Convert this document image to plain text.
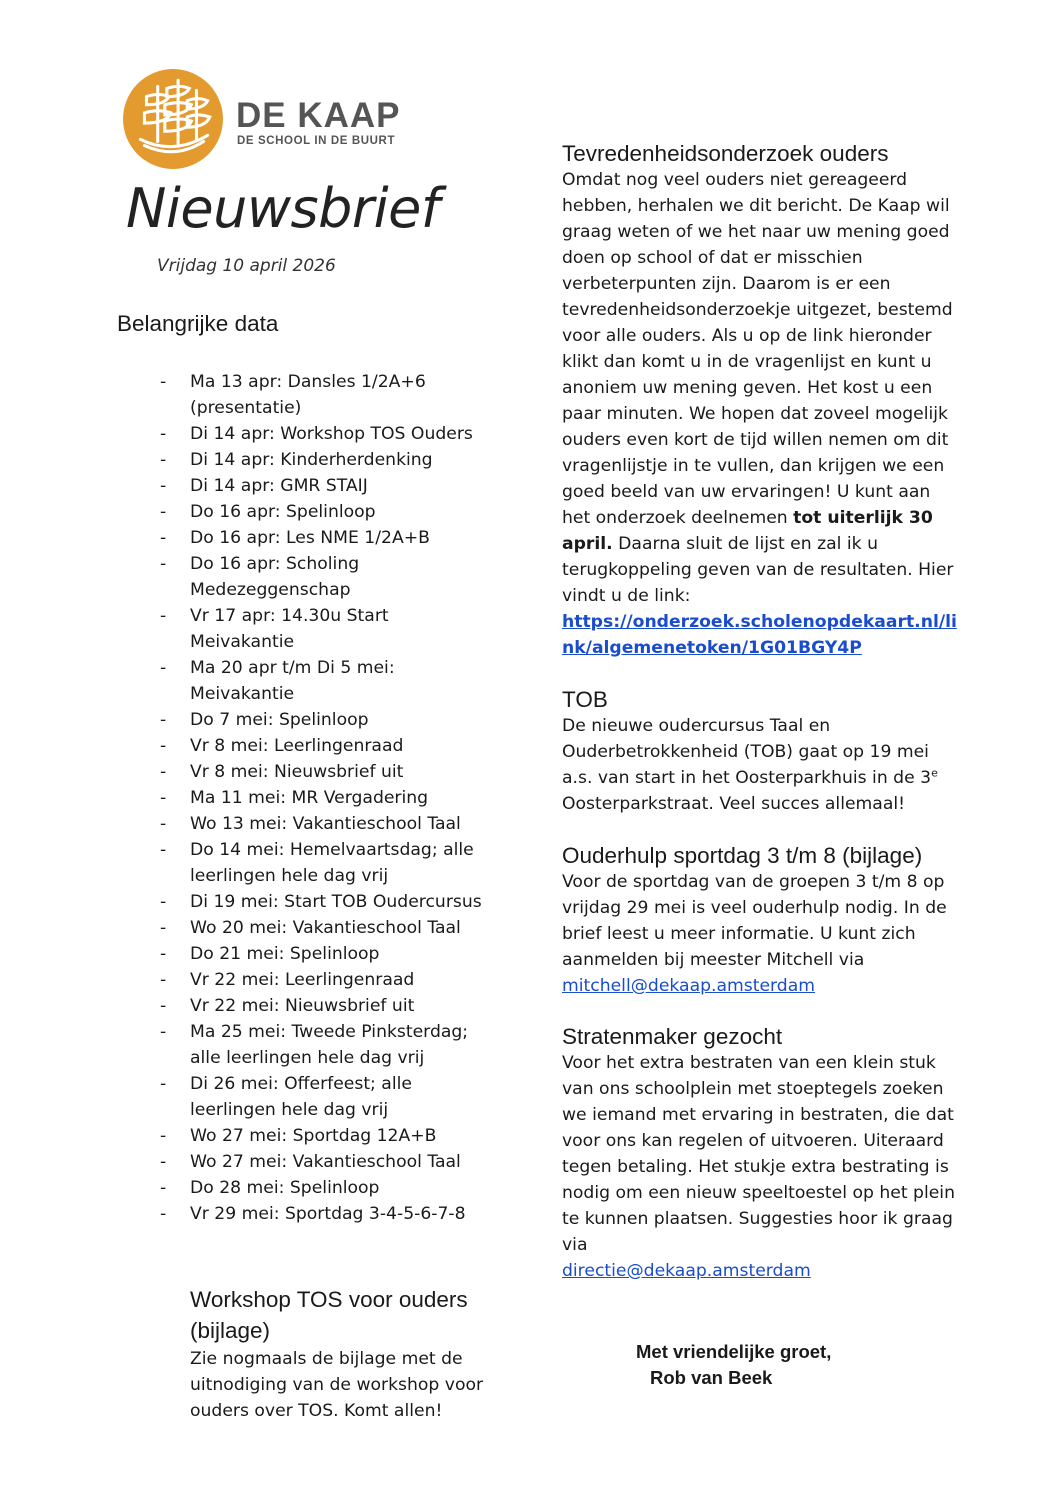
DE KAAP
DE SCHOOL IN DE BUURT
Nieuwsbrief
Vrijdag 10 april 2026
Belangrijke data
- Ma 13 apr: Dansles 1/2A+6 (presentatie)
- Di 14 apr: Workshop TOS Ouders
- Di 14 apr: Kinderherdenking
- Di 14 apr: GMR STAIJ
- Do 16 apr: Spelinloop
- Do 16 apr: Les NME 1/2A+B
- Do 16 apr: Scholing Medezeggenschap
- Vr 17 apr: 14.30u Start Meivakantie
- Ma 20 apr t/m Di 5 mei: Meivakantie
- Do 7 mei: Spelinloop
- Vr 8 mei: Leerlingenraad
- Vr 8 mei: Nieuwsbrief uit
- Ma 11 mei: MR Vergadering
- Wo 13 mei: Vakantieschool Taal
- Do 14 mei: Hemelvaartsdag; alle leerlingen hele dag vrij
- Di 19 mei: Start TOB Oudercursus
- Wo 20 mei: Vakantieschool Taal
- Do 21 mei: Spelinloop
- Vr 22 mei: Leerlingenraad
- Vr 22 mei: Nieuwsbrief uit
- Ma 25 mei: Tweede Pinksterdag; alle leerlingen hele dag vrij
- Di 26 mei: Offerfeest; alle leerlingen hele dag vrij
- Wo 27 mei: Sportdag 12A+B
- Wo 27 mei: Vakantieschool Taal
- Do 28 mei: Spelinloop
- Vr 29 mei: Sportdag 3-4-5-6-7-8
Workshop TOS voor ouders (bijlage)

Zie nogmaals de bijlage met de uitnodiging van de workshop voor ouders over TOS. Komt allen!

Tevredenheidsonderzoek ouders

Omdat nog veel ouders niet gereageerd hebben, herhalen we dit bericht. De Kaap wil graag weten of we het naar uw mening goed doen op school of dat er misschien verbeterpunten zijn. Daarom is er een tevredenheidsonderzoekje uitgezet, bestemd voor alle ouders. Als u op de link hieronder klikt dan komt u in de vragenlijst en kunt u anoniem uw mening geven. Het kost u een paar minuten. We hopen dat zoveel mogelijk ouders even kort de tijd willen nemen om dit vragenlijstje in te vullen, dan krijgen we een goed beeld van uw ervaringen! U kunt aan het onderzoek deelnemen tot uiterlijk 30 april. Daarna sluit de lijst en zal ik u terugkoppeling geven van de resultaten. Hier vindt u de link:
https://onderzoek.scholenopdekaart.nl/link/algemenetoken/1G01BGY4P

TOB

De nieuwe oudercursus Taal en Ouderbetrokkenheid (TOB) gaat op 19 mei a.s. van start in het Oosterparkhuis in de 3e Oosterparkstraat. Veel succes allemaal!

Ouderhulp sportdag 3 t/m 8 (bijlage)

Voor de sportdag van de groepen 3 t/m 8 op vrijdag 29 mei is veel ouderhulp nodig. In de brief leest u meer informatie. U kunt zich aanmelden bij meester Mitchell via
mitchell@dekaap.amsterdam

Stratenmaker gezocht

Voor het extra bestraten van een klein stuk van ons schoolplein met stoeptegels zoeken we iemand met ervaring in bestraten, die dat voor ons kan regelen of uitvoeren. Uiteraard tegen betaling. Het stukje extra bestrating is nodig om een nieuw speeltoestel op het plein te kunnen plaatsen. Suggesties hoor ik graag via
directie@dekaap.amsterdam

Met vriendelijke groet,
Rob van Beek
